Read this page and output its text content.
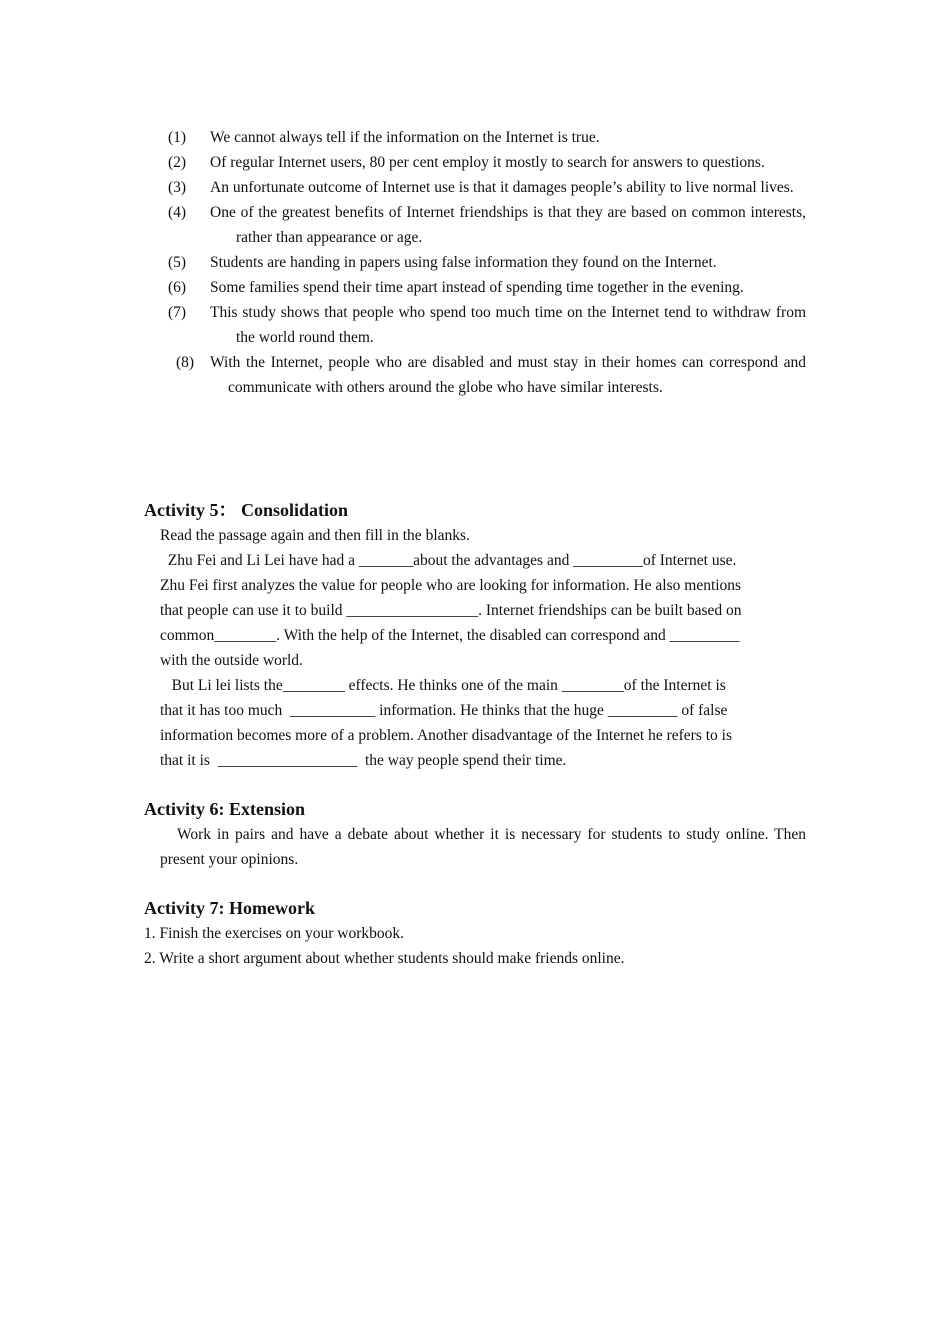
(1) We cannot always tell if the information on the Internet is true.
(2) Of regular Internet users, 80 per cent employ it mostly to search for answers to questions.
(3) An unfortunate outcome of Internet use is that it damages people’s ability to live normal lives.
(4) One of the greatest benefits of Internet friendships is that they are based on common interests, rather than appearance or age.
(5) Students are handing in papers using false information they found on the Internet.
(6) Some families spend their time apart instead of spending time together in the evening.
(7) This study shows that people who spend too much time on the Internet tend to withdraw from the world round them.
(8) With the Internet, people who are disabled and must stay in their homes can correspond and communicate with others around the globe who have similar interests.
Activity 5： Consolidation
Read the passage again and then fill in the blanks.
Zhu Fei and Li Lei have had a _______about the advantages and _________of Internet use.
Zhu Fei first analyzes the value for people who are looking for information. He also mentions
that people can use it to build _________________. Internet friendships can be built based on
common________. With the help of the Internet, the disabled can correspond and _________
with the outside world.
But Li lei lists the________ effects. He thinks one of the main ________of the Internet is
that it has too much  ___________ information. He thinks that the huge _________ of false
information becomes more of a problem. Another disadvantage of the Internet he refers to is
that it is  __________________  the way people spend their time.
Activity 6: Extension
Work in pairs and have a debate about whether it is necessary for students to study online. Then present your opinions.
Activity 7: Homework
1. Finish the exercises on your workbook.
2. Write a short argument about whether students should make friends online.
